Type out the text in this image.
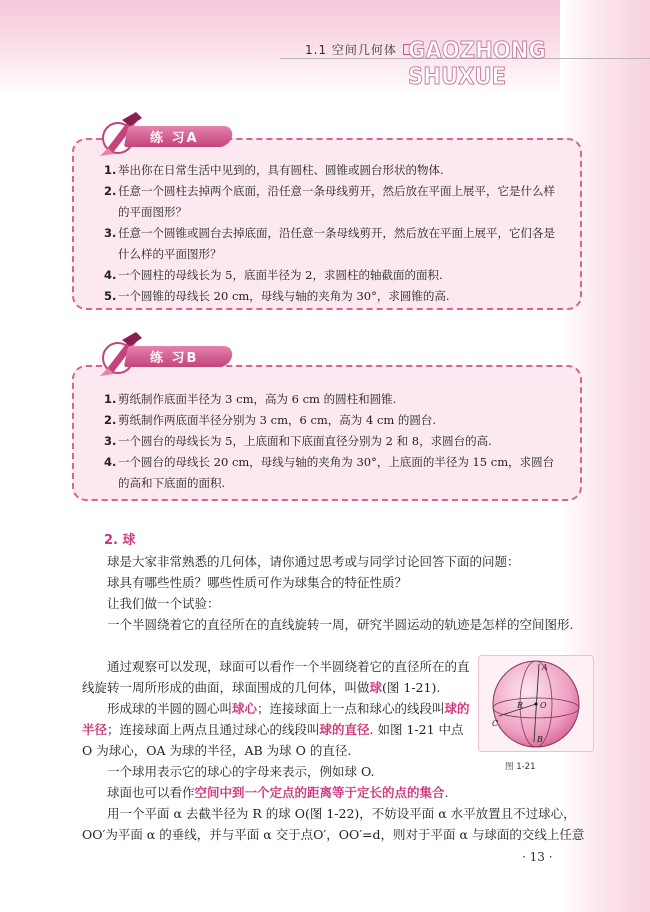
1.1 空间几何体 GAOZHONG SHUXUE
1. 举出你在日常生活中见到的，具有圆柱、圆锥或圆台形状的物体.
2. 任意一个圆柱去掉两个底面，沿任意一条母线剪开，然后放在平面上展平，它是什么样的平面图形？
3. 任意一个圆锥或圆台去掉底面，沿任意一条母线剪开，然后放在平面上展平，它们各是什么样的平面图形？
4. 一个圆柱的母线长为 5，底面半径为 2，求圆柱的轴截面的面积.
5. 一个圆锥的母线长 20 cm，母线与轴的夹角为 30°，求圆锥的高.
练 习A
1. 剪纸制作底面半径为 3 cm，高为 6 cm 的圆柱和圆锥.
2. 剪纸制作两底面半径分别为 3 cm，6 cm，高为 4 cm 的圆台.
3. 一个圆台的母线长为 5，上底面和下底面直径分别为 2 和 8，求圆台的高.
4. 一个圆台的母线长 20 cm，母线与轴的夹角为 30°，上底面的半径为 15 cm，求圆台的高和下底面的面积.
练 习B
2. 球
球是大家非常熟悉的几何体，请你通过思考或与同学讨论回答下面的问题：
球具有哪些性质？哪些性质可作为球集合的特征性质？
让我们做一个试验：
一个半圆绕着它的直径所在的直线旋转一周，研究半圆运动的轨迹是怎样的空间图形.
通过观察可以发现，球面可以看作一个半圆绕着它的直径所在的直线旋转一周所形成的曲面，球面围成的几何体，叫做球(图 1-21).
形成球的半圆的圆心叫球心；连接球面上一点和球心的线段叫球的半径；连接球面上两点且通过球心的线段叫球的直径. 如图 1-21 中点 O 为球心，OA 为球的半径，AB 为球 O 的直径.
一个球用表示它的球心的字母来表示，例如球 O.
球面也可以看作空间中到一个定点的距离等于定长的点的集合.
用一个平面 α 去截半径为 R 的球 O(图 1-22)，不妨设平面 α 水平放置且不过球心，OO′为平面 α 的垂线，并与平面 α 交于点O′，OO′=d，则对于平面 α 与球面的交线上任意
A
B
C
O
R
图 1-21
· 13 ·
